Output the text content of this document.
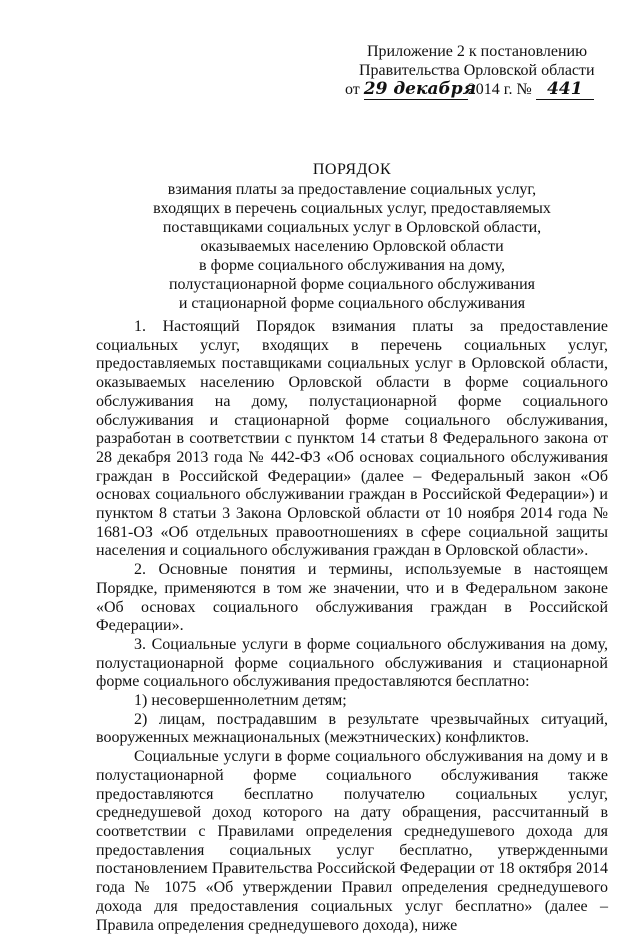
Приложение 2 к постановлению
Правительства Орловской области
от 29 декабря2014 г. № 441
ПОРЯДОК
взимания платы за предоставление социальных услуг,
входящих в перечень социальных услуг, предоставляемых
поставщиками социальных услуг в Орловской области,
оказываемых населению Орловской области
в форме социального обслуживания на дому,
полустационарной форме социального обслуживания
и стационарной форме социального обслуживания

1. Настоящий Порядок взимания платы за предоставление социальных услуг, входящих в перечень социальных услуг, предоставляемых поставщиками социальных услуг в Орловской области, оказываемых населению Орловской области в форме социального обслуживания на дому, полустационарной форме социального обслуживания и стационарной форме социального обслуживания, разработан в соответствии с пунктом 14 статьи 8 Федерального закона от 28 декабря 2013 года № 442-ФЗ «Об основах социального обслуживания граждан в Российской Федерации» (далее – Федеральный закон «Об основах социального обслуживании граждан в Российской Федерации») и пунктом 8 статьи 3 Закона Орловской области от 10 ноября 2014 года № 1681-ОЗ «Об отдельных правоотношениях в сфере социальной защиты населения и социального обслуживания граждан в Орловской области».

2. Основные понятия и термины, используемые в настоящем Порядке, применяются в том же значении, что и в Федеральном законе «Об основах социального обслуживания граждан в Российской Федерации».

3. Социальные услуги в форме социального обслуживания на дому, полустационарной форме социального обслуживания и стационарной форме социального обслуживания предоставляются бесплатно:

1) несовершеннолетним детям;

2) лицам, пострадавшим в результате чрезвычайных ситуаций, вооруженных межнациональных (межэтнических) конфликтов.

Социальные услуги в форме социального обслуживания на дому и в полустационарной форме социального обслуживания также предоставляются бесплатно получателю социальных услуг, среднедушевой доход которого на дату обращения, рассчитанный в соответствии с Правилами определения среднедушевого дохода для предоставления социальных услуг бесплатно, утвержденными постановлением Правительства Российской Федерации от 18 октября 2014 года № 1075 «Об утверждении Правил определения среднедушевого дохода для предоставления социальных услуг бесплатно» (далее – Правила определения среднедушевого дохода), ниже
